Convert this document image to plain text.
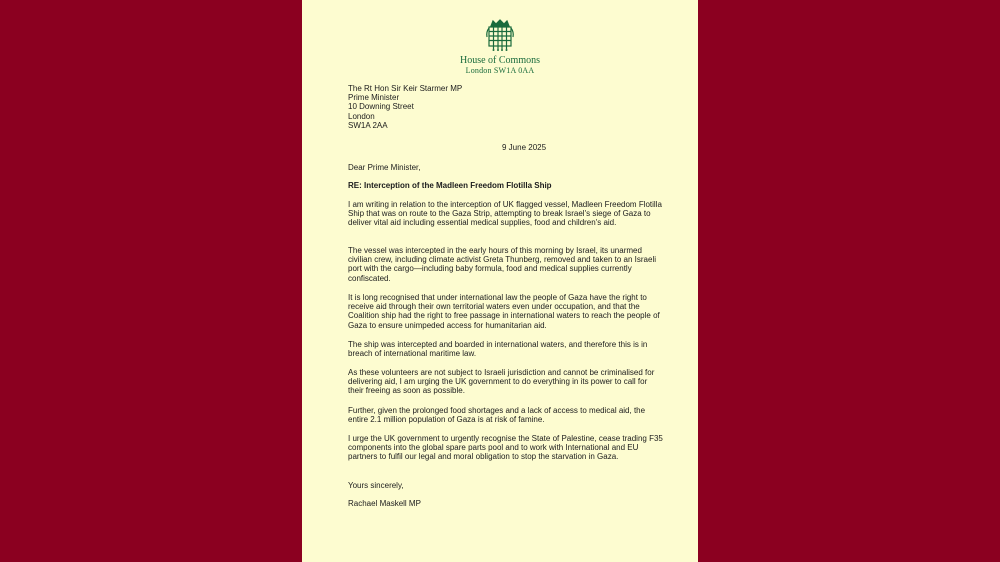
House of Commons
London SW1A 0AA
The Rt Hon Sir Keir Starmer MP
Prime Minister
10 Downing Street
London
SW1A 2AA
9 June 2025
Dear Prime Minister,
RE: Interception of the Madleen Freedom Flotilla Ship
I am writing in relation to the interception of UK flagged vessel, Madleen Freedom Flotilla Ship that was on route to the Gaza Strip, attempting to break Israel's siege of Gaza to deliver vital aid including essential medical supplies, food and children's aid.
The vessel was intercepted in the early hours of this morning by Israel, its unarmed civilian crew, including climate activist Greta Thunberg, removed and taken to an Israeli port with the cargo—including baby formula, food and medical supplies currently confiscated.
It is long recognised that under international law the people of Gaza have the right to receive aid through their own territorial waters even under occupation, and that the Coalition ship had the right to free passage in international waters to reach the people of Gaza to ensure unimpeded access for humanitarian aid.
The ship was intercepted and boarded in international waters, and therefore this is in breach of international maritime law.
As these volunteers are not subject to Israeli jurisdiction and cannot be criminalised for delivering aid, I am urging the UK government to do everything in its power to call for their freeing as soon as possible.
Further, given the prolonged food shortages and a lack of access to medical aid, the entire 2.1 million population of Gaza is at risk of famine.
I urge the UK government to urgently recognise the State of Palestine, cease trading F35 components into the global spare parts pool and to work with International and EU partners to fulfil our legal and moral obligation to stop the starvation in Gaza.
Yours sincerely,
Rachael Maskell MP
